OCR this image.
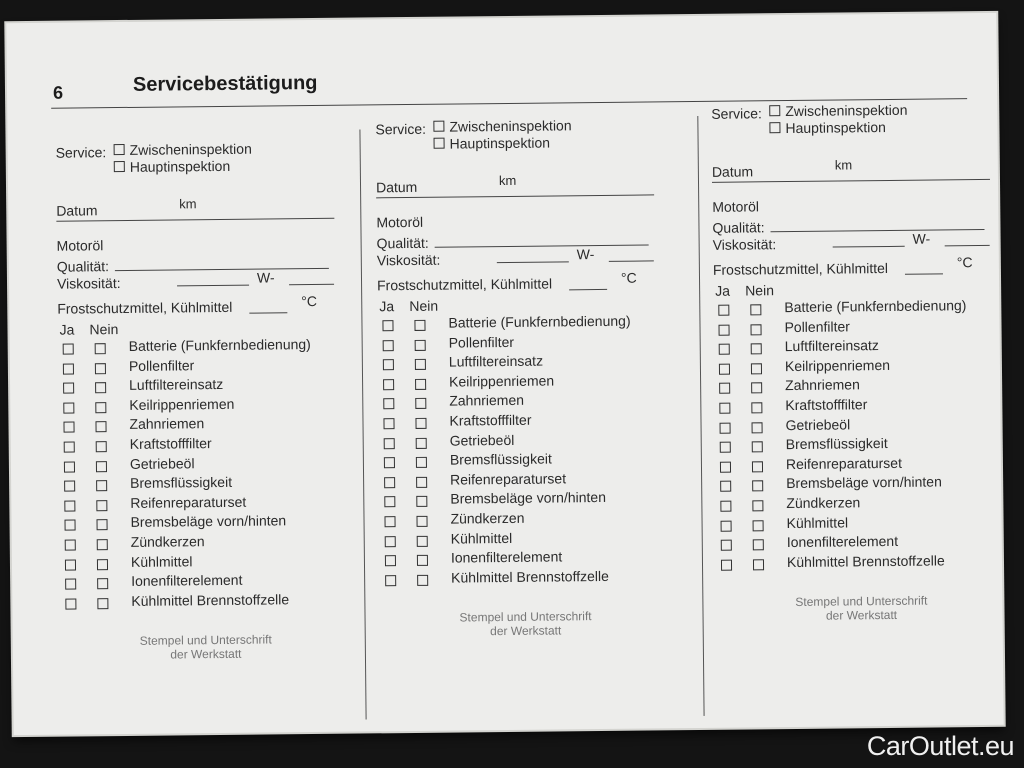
6	Servicebestätigung
Service:	Zwischeninspektion
Hauptinspektion
Datum	km
Motoröl
Qualität:
Viskosität:	W-
Frostschutzmittel, Kühlmittel	°C
Ja Nein
Batterie (Funkfernbedienung)
Pollenfilter
Luftfiltereinsatz
Keilrippenriemen
Zahnriemen
Kraftstofffilter
Getriebeöl
Bremsflüssigkeit
Reifenreparaturset
Bremsbeläge vorn/hinten
Zündkerzen
Kühlmittel
Ionenfilterelement
Kühlmittel Brennstoffzelle
Stempel und Unterschrift
der Werkstatt
Service:	Zwischeninspektion
Hauptinspektion
Datum	km
Motoröl
Qualität:
Viskosität:	W-
Frostschutzmittel, Kühlmittel	°C
Ja Nein
Batterie (Funkfernbedienung)
Pollenfilter
Luftfiltereinsatz
Keilrippenriemen
Zahnriemen
Kraftstofffilter
Getriebeöl
Bremsflüssigkeit
Reifenreparaturset
Bremsbeläge vorn/hinten
Zündkerzen
Kühlmittel
Ionenfilterelement
Kühlmittel Brennstoffzelle
Stempel und Unterschrift
der Werkstatt
Service:	Zwischeninspektion
Hauptinspektion
Datum	km
Motoröl
Qualität:
Viskosität:	W-
Frostschutzmittel, Kühlmittel	°C
Ja Nein
Batterie (Funkfernbedienung)
Pollenfilter
Luftfiltereinsatz
Keilrippenriemen
Zahnriemen
Kraftstofffilter
Getriebeöl
Bremsflüssigkeit
Reifenreparaturset
Bremsbeläge vorn/hinten
Zündkerzen
Kühlmittel
Ionenfilterelement
Kühlmittel Brennstoffzelle
Stempel und Unterschrift
der Werkstatt
CarOutlet.eu
